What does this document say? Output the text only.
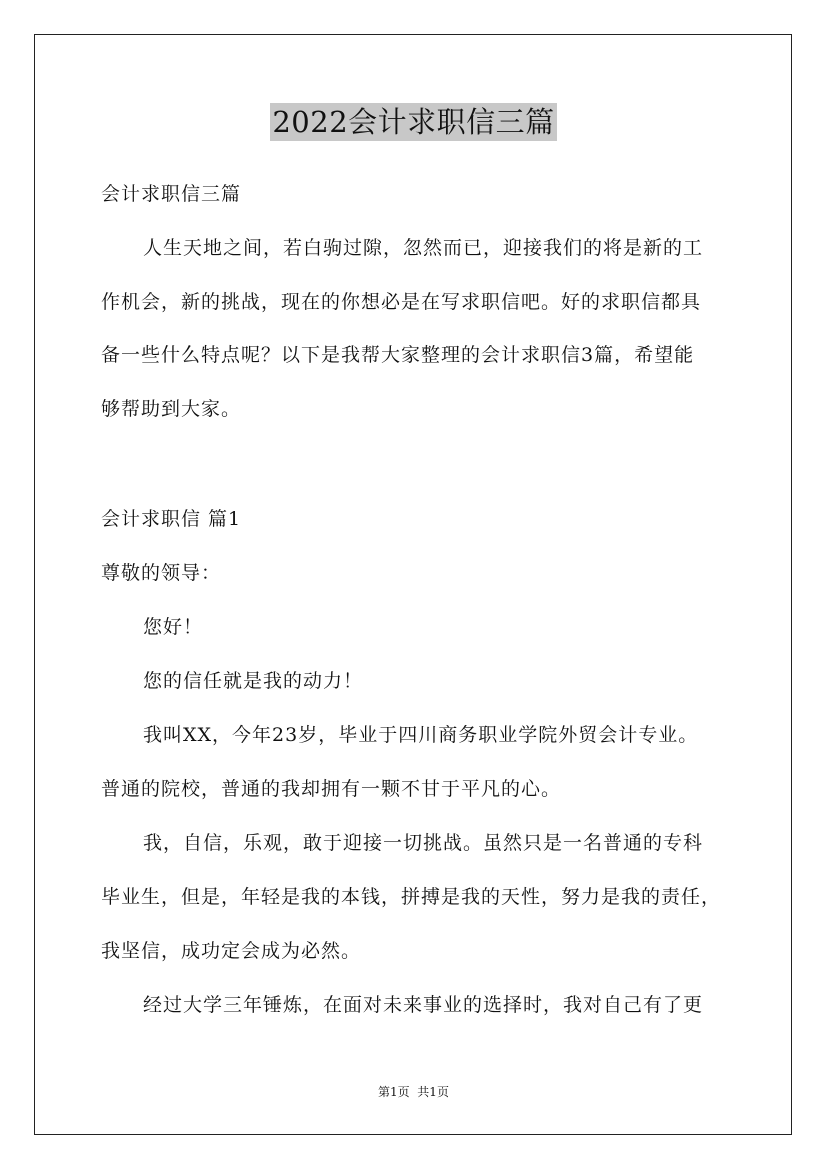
2022会计求职信三篇
会计求职信三篇
人生天地之间，若白驹过隙，忽然而已，迎接我们的将是新的工
作机会，新的挑战，现在的你想必是在写求职信吧。好的求职信都具
备一些什么特点呢？以下是我帮大家整理的会计求职信3篇，希望能
够帮助到大家。
会计求职信 篇1
尊敬的领导：
您好！
您的信任就是我的动力！
我叫XX，今年23岁，毕业于四川商务职业学院外贸会计专业。
普通的院校，普通的我却拥有一颗不甘于平凡的心。
我，自信，乐观，敢于迎接一切挑战。虽然只是一名普通的专科
毕业生，但是，年轻是我的本钱，拼搏是我的天性，努力是我的责任，
我坚信，成功定会成为必然。
经过大学三年锤炼，在面对未来事业的选择时，我对自己有了更
第1页  共1页
